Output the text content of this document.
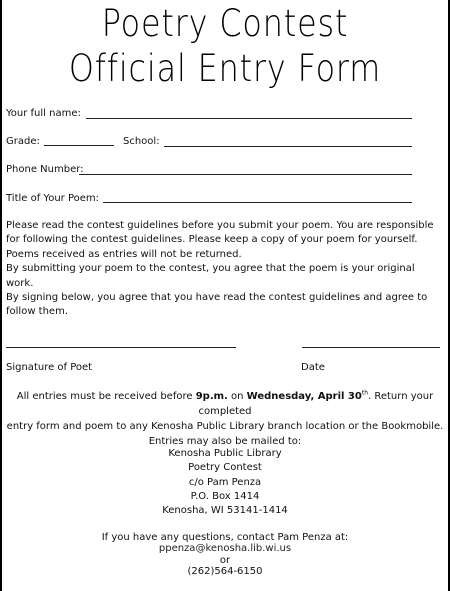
Poetry Contest
Official Entry Form
Your full name:
Grade:	School:
Phone Number:
Title of Your Poem:

Please read the contest guidelines before you submit your poem. You are responsible for following the contest guidelines. Please keep a copy of your poem for yourself. Poems received as entries will not be returned.

By submitting your poem to the contest, you agree that the poem is your original work.

By signing below, you agree that you have read the contest guidelines and agree to follow them.

Signature of Poet	Date
All entries must be received before 9p.m. on Wednesday, April 30th. Return your completed
entry form and poem to any Kenosha Public Library branch location or the Bookmobile.
Entries may also be mailed to:
Kenosha Public Library
Poetry Contest
c/o Pam Penza
P.O. Box 1414
Kenosha, WI 53141-1414
If you have any questions, contact Pam Penza at:
ppenza@kenosha.lib.wi.us
or
(262)564-6150
